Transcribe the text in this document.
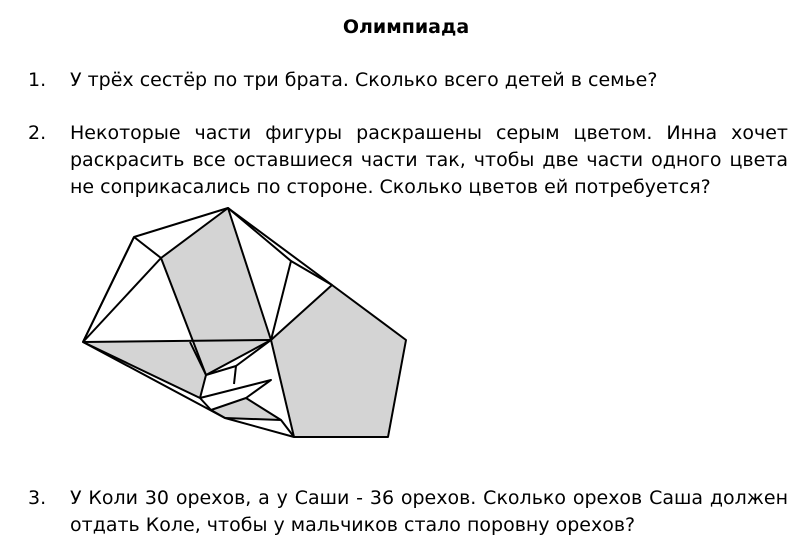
Олимпиада
1.	У трёх сестёр по три брата. Сколько всего детей в семье?
2.	Некоторые части фигуры раскрашены серым цветом. Инна хочет раскрасить все оставшиеся части так, чтобы две части одного цвета не соприкасались по стороне. Сколько цветов ей потребуется?
3.	У Коли 30 орехов, а у Саши - 36 орехов. Сколько орехов Саша должен отдать Коле, чтобы у мальчиков стало поровну орехов?
